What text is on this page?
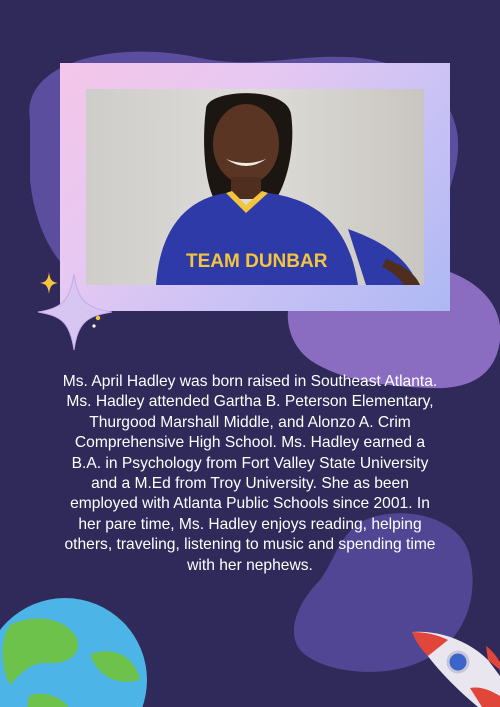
TEAM DUNBAR
Ms. April Hadley was born raised in Southeast Atlanta.
Ms. Hadley attended Gartha B. Peterson Elementary,
Thurgood Marshall Middle, and Alonzo A. Crim
Comprehensive High School. Ms. Hadley earned a
B.A. in Psychology from Fort Valley State University
and a M.Ed from Troy University. She as been
employed with Atlanta Public Schools since 2001. In
her pare time, Ms. Hadley enjoys reading, helping
others, traveling, listening to music and spending time
with her nephews.
